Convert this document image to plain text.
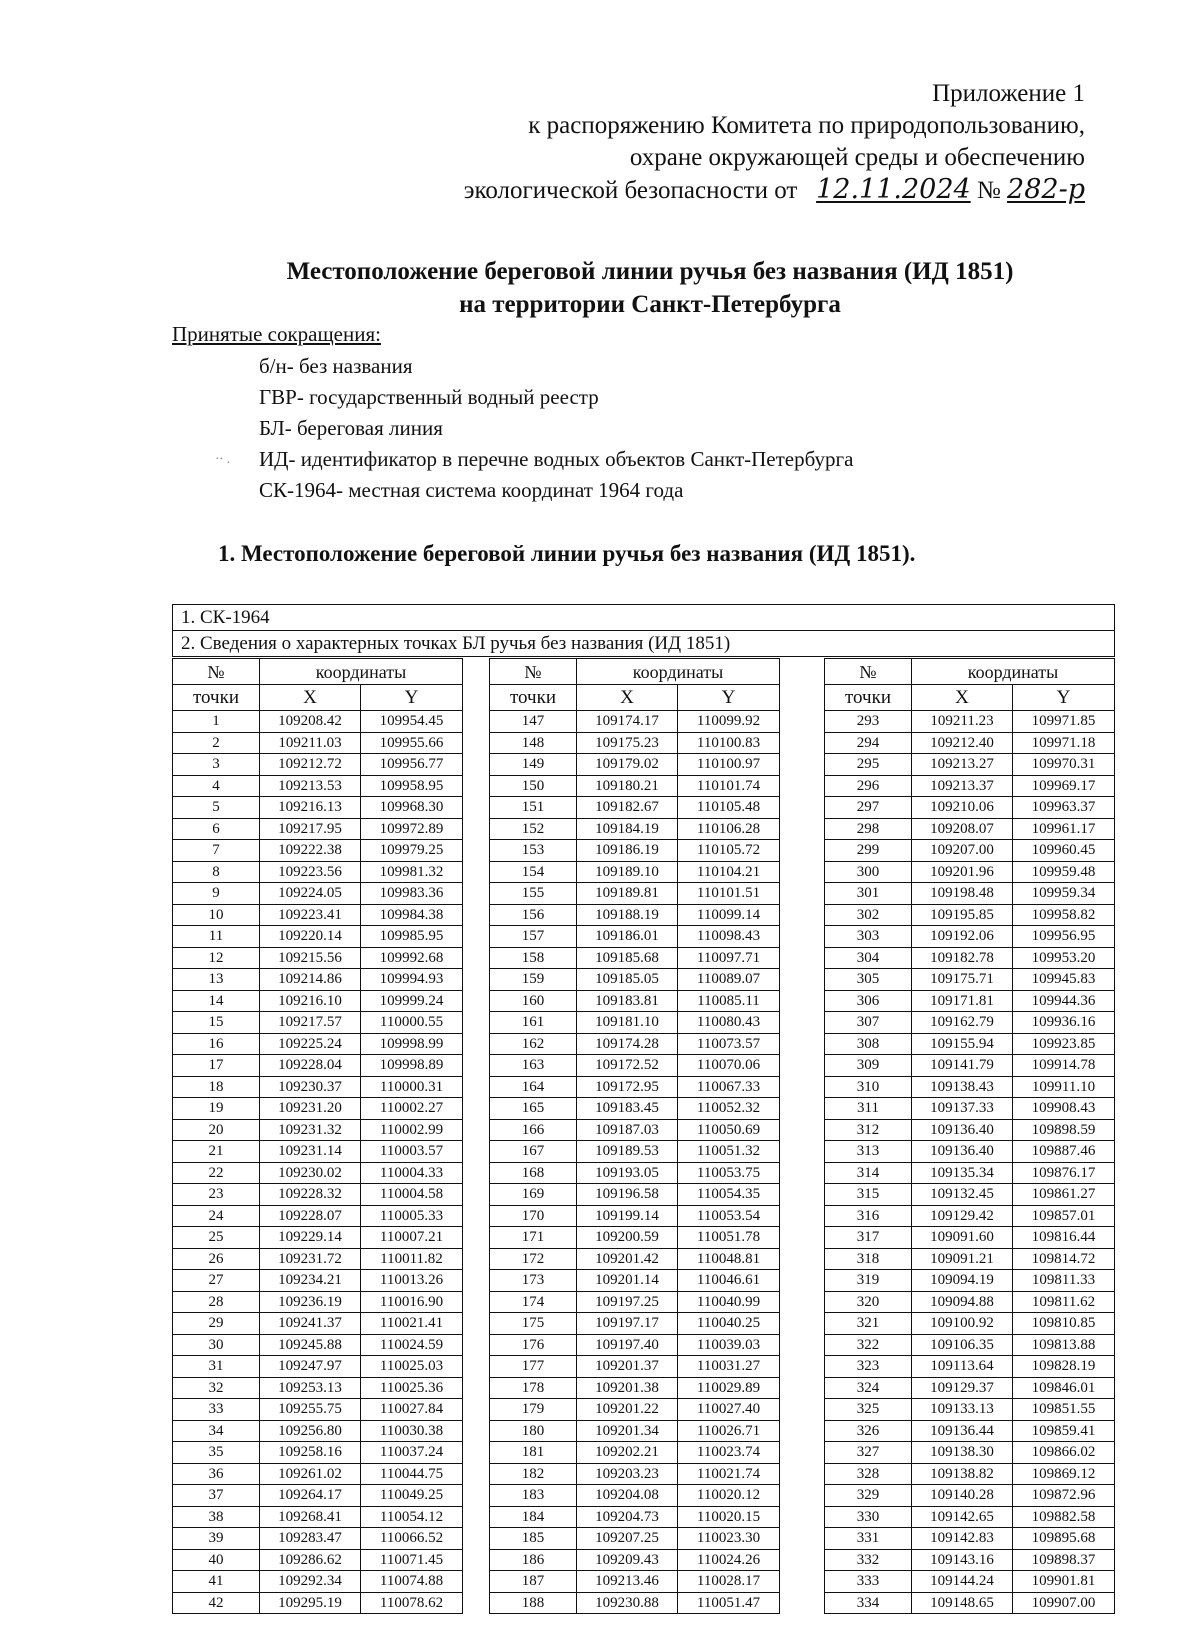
Приложение 1
к распоряжению Комитета по природопользованию,
охране окружающей среды и обеспечению
экологической безопасности от 12.11.2024 № 282-р
Местоположение береговой линии ручья без названия (ИД 1851)
на территории Санкт-Петербурга
Принятые сокращения:
·∙ .
б/н- без названия
ГВР- государственный водный реестр
БЛ- береговая линия
ИД- идентификатор в перечне водных объектов Санкт-Петербурга
СК-1964- местная система координат 1964 года
1. Местоположение береговой линии ручья без названия (ИД 1851).
1. СК-1964
2. Сведения о характерных точках БЛ ручья без названия (ИД 1851)
№	координаты	
точки	X	Y
1	109208.42	109954.45
2	109211.03	109955.66
3	109212.72	109956.77
4	109213.53	109958.95
5	109216.13	109968.30
6	109217.95	109972.89
7	109222.38	109979.25
8	109223.56	109981.32
9	109224.05	109983.36
10	109223.41	109984.38
11	109220.14	109985.95
12	109215.56	109992.68
13	109214.86	109994.93
14	109216.10	109999.24
15	109217.57	110000.55
16	109225.24	109998.99
17	109228.04	109998.89
18	109230.37	110000.31
19	109231.20	110002.27
20	109231.32	110002.99
21	109231.14	110003.57
22	109230.02	110004.33
23	109228.32	110004.58
24	109228.07	110005.33
25	109229.14	110007.21
26	109231.72	110011.82
27	109234.21	110013.26
28	109236.19	110016.90
29	109241.37	110021.41
30	109245.88	110024.59
31	109247.97	110025.03
32	109253.13	110025.36
33	109255.75	110027.84
34	109256.80	110030.38
35	109258.16	110037.24
36	109261.02	110044.75
37	109264.17	110049.25
38	109268.41	110054.12
39	109283.47	110066.52
40	109286.62	110071.45
41	109292.34	110074.88
42	109295.19	110078.62
№	координаты	
точки	X	Y
147	109174.17	110099.92
148	109175.23	110100.83
149	109179.02	110100.97
150	109180.21	110101.74
151	109182.67	110105.48
152	109184.19	110106.28
153	109186.19	110105.72
154	109189.10	110104.21
155	109189.81	110101.51
156	109188.19	110099.14
157	109186.01	110098.43
158	109185.68	110097.71
159	109185.05	110089.07
160	109183.81	110085.11
161	109181.10	110080.43
162	109174.28	110073.57
163	109172.52	110070.06
164	109172.95	110067.33
165	109183.45	110052.32
166	109187.03	110050.69
167	109189.53	110051.32
168	109193.05	110053.75
169	109196.58	110054.35
170	109199.14	110053.54
171	109200.59	110051.78
172	109201.42	110048.81
173	109201.14	110046.61
174	109197.25	110040.99
175	109197.17	110040.25
176	109197.40	110039.03
177	109201.37	110031.27
178	109201.38	110029.89
179	109201.22	110027.40
180	109201.34	110026.71
181	109202.21	110023.74
182	109203.23	110021.74
183	109204.08	110020.12
184	109204.73	110020.15
185	109207.25	110023.30
186	109209.43	110024.26
187	109213.46	110028.17
188	109230.88	110051.47
№	координаты	
точки	X	Y
293	109211.23	109971.85
294	109212.40	109971.18
295	109213.27	109970.31
296	109213.37	109969.17
297	109210.06	109963.37
298	109208.07	109961.17
299	109207.00	109960.45
300	109201.96	109959.48
301	109198.48	109959.34
302	109195.85	109958.82
303	109192.06	109956.95
304	109182.78	109953.20
305	109175.71	109945.83
306	109171.81	109944.36
307	109162.79	109936.16
308	109155.94	109923.85
309	109141.79	109914.78
310	109138.43	109911.10
311	109137.33	109908.43
312	109136.40	109898.59
313	109136.40	109887.46
314	109135.34	109876.17
315	109132.45	109861.27
316	109129.42	109857.01
317	109091.60	109816.44
318	109091.21	109814.72
319	109094.19	109811.33
320	109094.88	109811.62
321	109100.92	109810.85
322	109106.35	109813.88
323	109113.64	109828.19
324	109129.37	109846.01
325	109133.13	109851.55
326	109136.44	109859.41
327	109138.30	109866.02
328	109138.82	109869.12
329	109140.28	109872.96
330	109142.65	109882.58
331	109142.83	109895.68
332	109143.16	109898.37
333	109144.24	109901.81
334	109148.65	109907.00
